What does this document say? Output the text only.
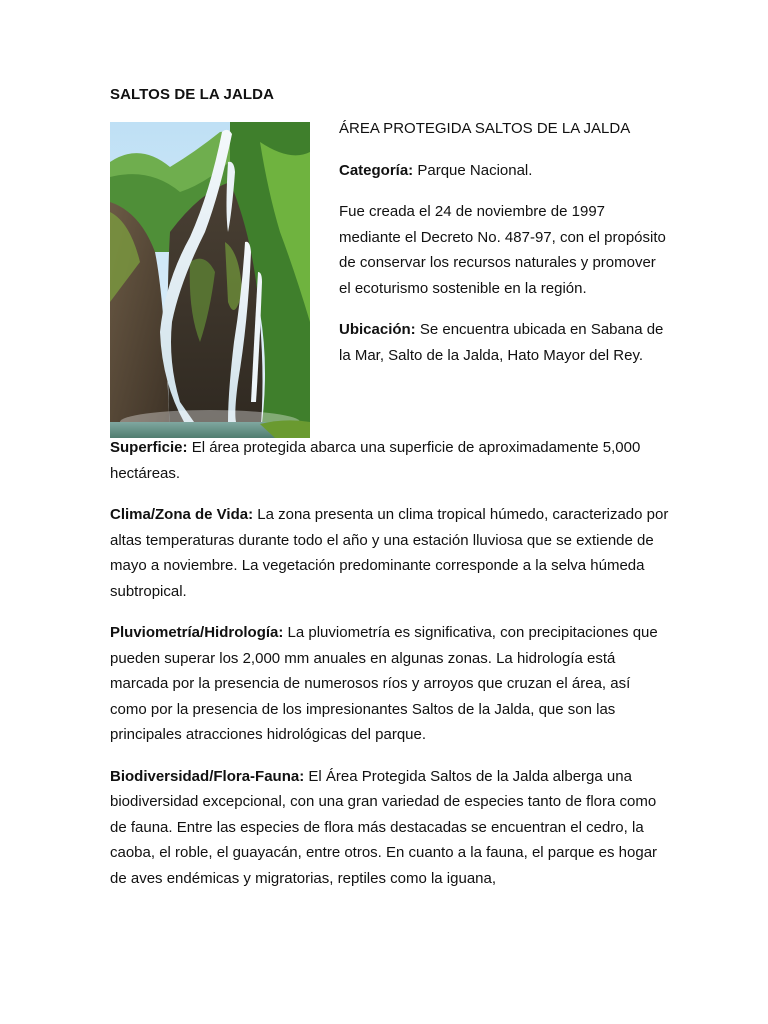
SALTOS DE LA JALDA

ÁREA PROTEGIDA SALTOS DE LA JALDA

Categoría: Parque Nacional.

Fue creada el 24 de noviembre de 1997 mediante el Decreto No. 487-97, con el propósito de conservar los recursos naturales y promover el ecoturismo sostenible en la región.

Ubicación: Se encuentra ubicada en Sabana de la Mar, Salto de la Jalda, Hato Mayor del Rey.

Superficie: El área protegida abarca una superficie de aproximadamente 5,000 hectáreas.

Clima/Zona de Vida: La zona presenta un clima tropical húmedo, caracterizado por altas temperaturas durante todo el año y una estación lluviosa que se extiende de mayo a noviembre. La vegetación predominante corresponde a la selva húmeda subtropical.

Pluviometría/Hidrología: La pluviometría es significativa, con precipitaciones que pueden superar los 2,000 mm anuales en algunas zonas. La hidrología está marcada por la presencia de numerosos ríos y arroyos que cruzan el área, así como por la presencia de los impresionantes Saltos de la Jalda, que son las principales atracciones hidrológicas del parque.

Biodiversidad/Flora-Fauna: El Área Protegida Saltos de la Jalda alberga una biodiversidad excepcional, con una gran variedad de especies tanto de flora como de fauna. Entre las especies de flora más destacadas se encuentran el cedro, la caoba, el roble, el guayacán, entre otros. En cuanto a la fauna, el parque es hogar de aves endémicas y migratorias, reptiles como la iguana,
